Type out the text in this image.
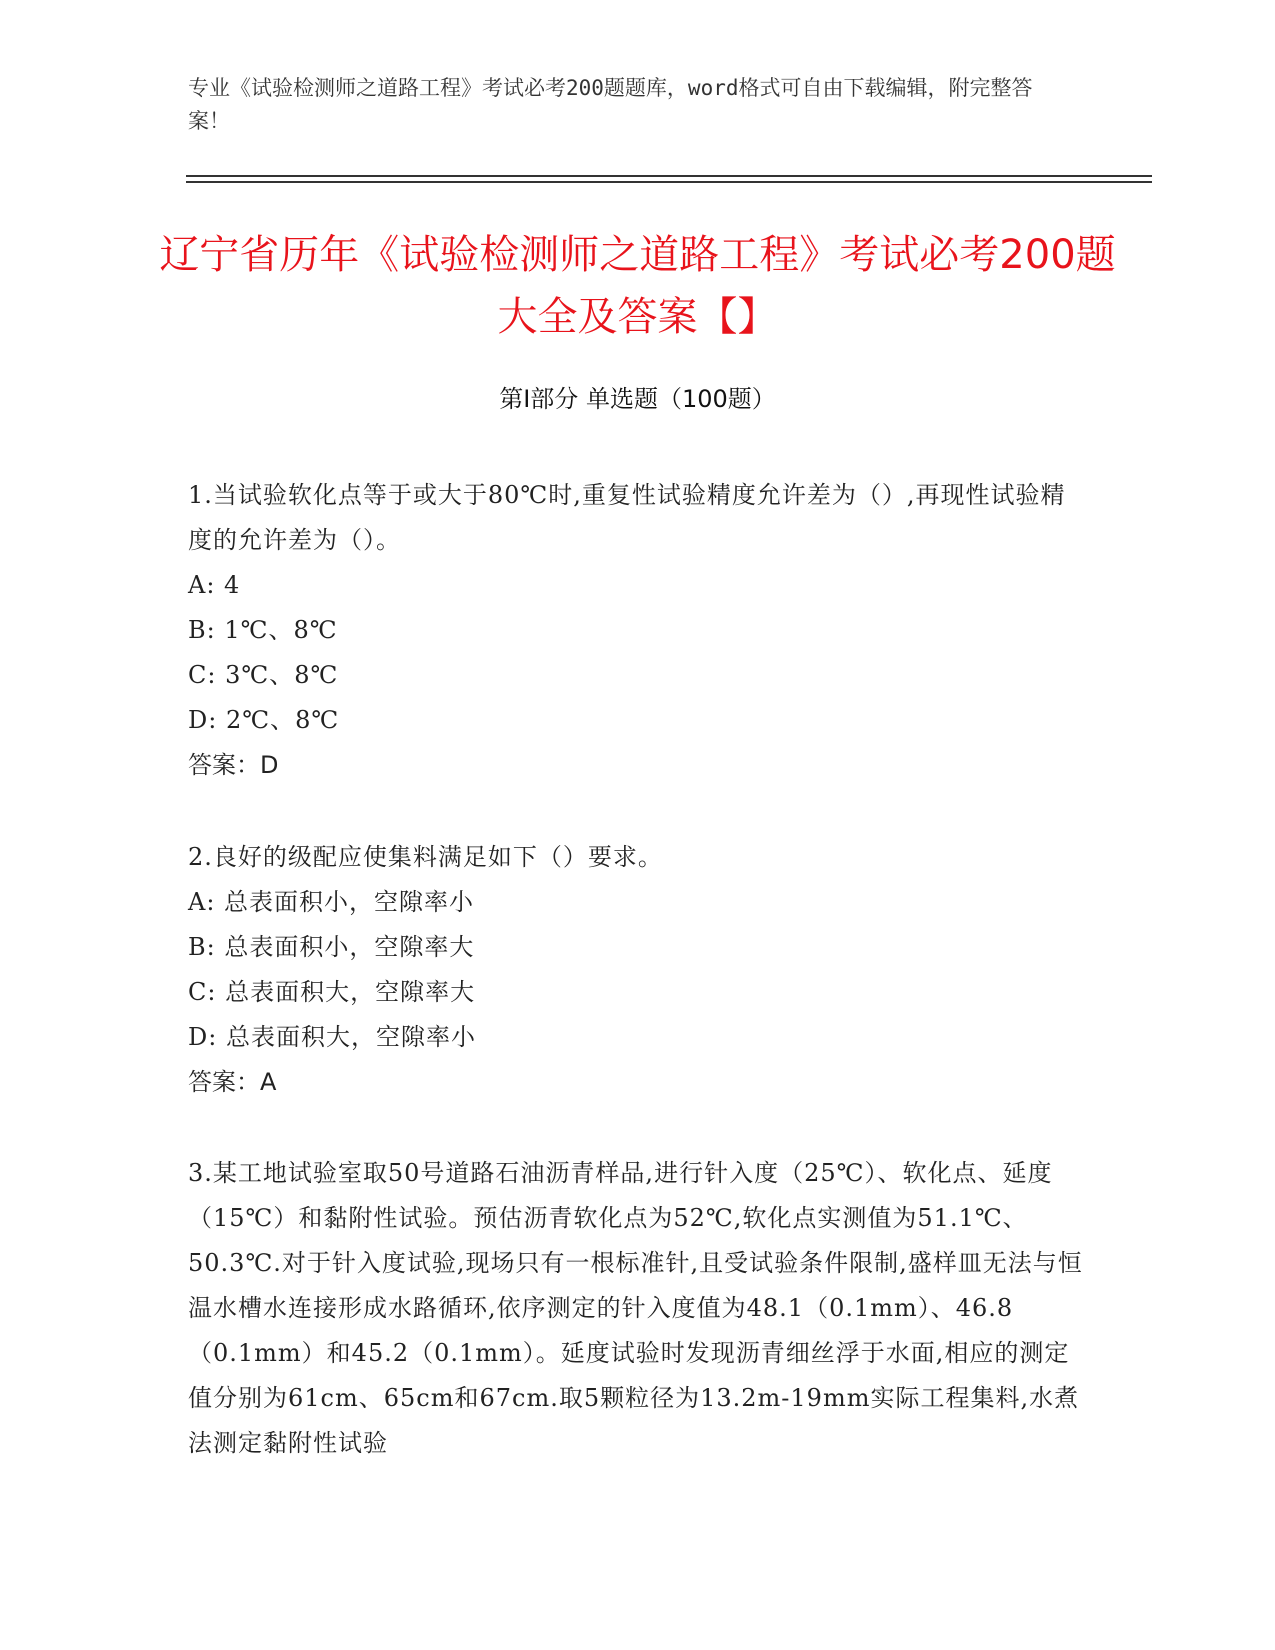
专业《试验检测师之道路工程》考试必考200题题库，word格式可自由下载编辑，附完整答案！
辽宁省历年《试验检测师之道路工程》考试必考200题大全及答案【】
第I部分 单选题（100题）
1.当试验软化点等于或大于80℃时,重复性试验精度允许差为（）,再现性试验精度的允许差为（）。
A: 4
B: 1℃、8℃
C: 3℃、8℃
D: 2℃、8℃
答案：D
2.良好的级配应使集料满足如下（）要求。
A: 总表面积小，空隙率小
B: 总表面积小，空隙率大
C: 总表面积大，空隙率大
D: 总表面积大，空隙率小
答案：A
3.某工地试验室取50号道路石油沥青样品,进行针入度（25℃）、软化点、延度（15℃）和黏附性试验。预估沥青软化点为52℃,软化点实测值为51.1℃、50.3℃.对于针入度试验,现场只有一根标准针,且受试验条件限制,盛样皿无法与恒温水槽水连接形成水路循环,依序测定的针入度值为48.1（0.1mm）、46.8（0.1mm）和45.2（0.1mm）。延度试验时发现沥青细丝浮于水面,相应的测定值分别为61cm、65cm和67cm.取5颗粒径为13.2m-19mm实际工程集料,水煮法测定黏附性试验
